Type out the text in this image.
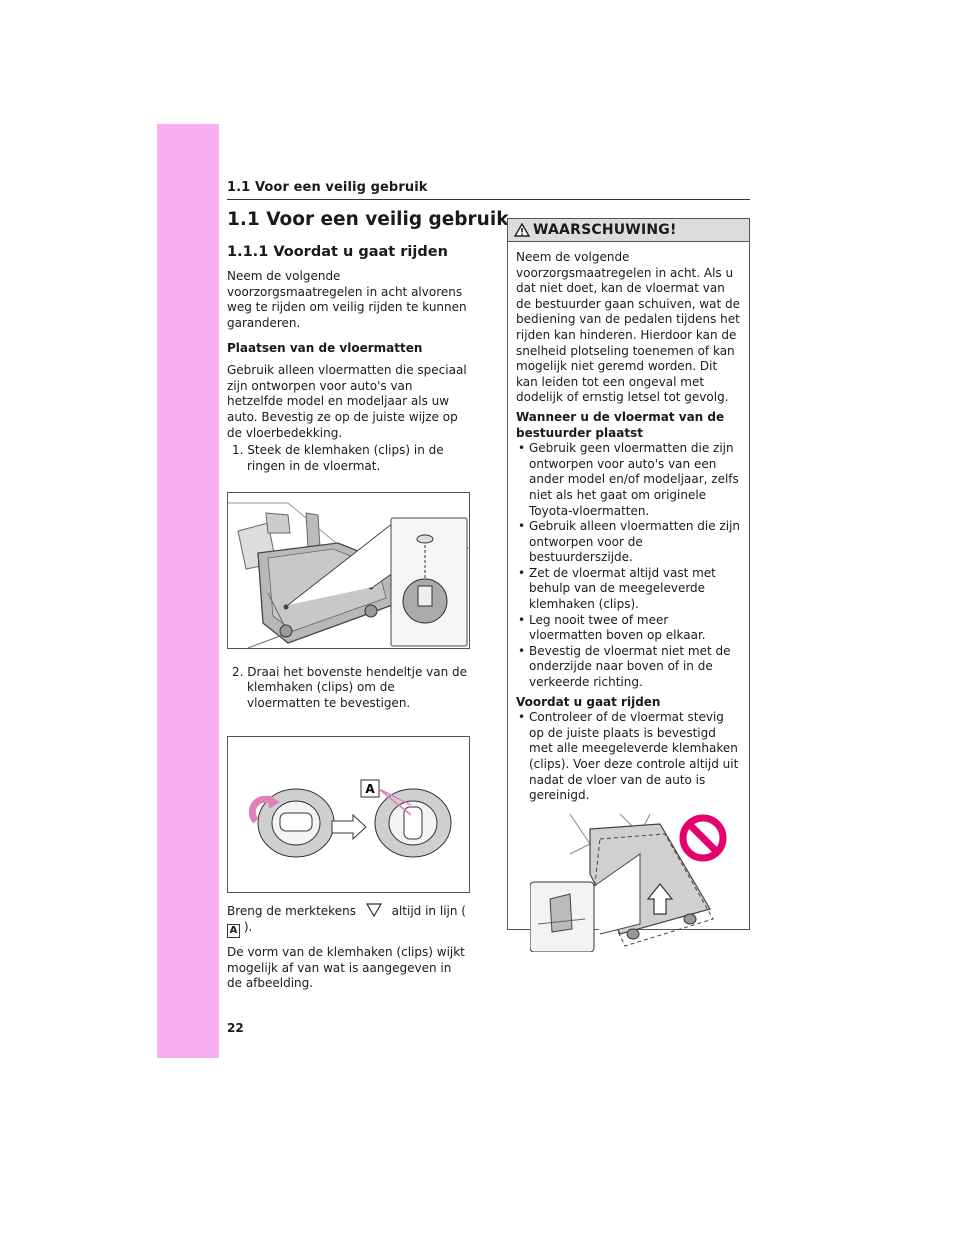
1.1 Voor een veilig gebruik
1.1 Voor een veilig gebruik
1.1.1 Voordat u gaat rijden

Neem de volgende voorzorgsmaatregelen in acht alvorens weg te rijden om veilig rijden te kunnen garanderen.

Plaatsen van de vloermatten

Gebruik alleen vloermatten die speciaal zijn ontworpen voor auto's van hetzelfde model en modeljaar als uw auto. Bevestig ze op de juiste wijze op de vloerbedekking.

1. Steek de klemhaken (clips) in de ringen in de vloermat.

2. Draai het bovenste hendeltje van de klemhaken (clips) om de vloermatten te bevestigen.

A

Breng de merktekens	altijd in lijn (
A ).

De vorm van de klemhaken (clips) wijkt mogelijk af van wat is aangegeven in de afbeelding.

WAARSCHUWING!

Neem de volgende voorzorgsmaatregelen in acht. Als u dat niet doet, kan de vloermat van de bestuurder gaan schuiven, wat de bediening van de pedalen tijdens het rijden kan hinderen. Hierdoor kan de snelheid plotseling toenemen of kan mogelijk niet geremd worden. Dit kan leiden tot een ongeval met dodelijk of ernstig letsel tot gevolg.

Wanneer u de vloermat van de bestuurder plaatst
• Gebruik geen vloermatten die zijn ontworpen voor auto's van een ander model en/of modeljaar, zelfs niet als het gaat om originele Toyota-vloermatten.
• Gebruik alleen vloermatten die zijn ontworpen voor de bestuurderszijde.
• Zet de vloermat altijd vast met behulp van de meegeleverde klemhaken (clips).
• Leg nooit twee of meer vloermatten boven op elkaar.
• Bevestig de vloermat niet met de onderzijde naar boven of in de verkeerde richting.
Voordat u gaat rijden
• Controleer of de vloermat stevig op de juiste plaats is bevestigd met alle meegeleverde klemhaken (clips). Voer deze controle altijd uit nadat de vloer van de auto is gereinigd.
22
